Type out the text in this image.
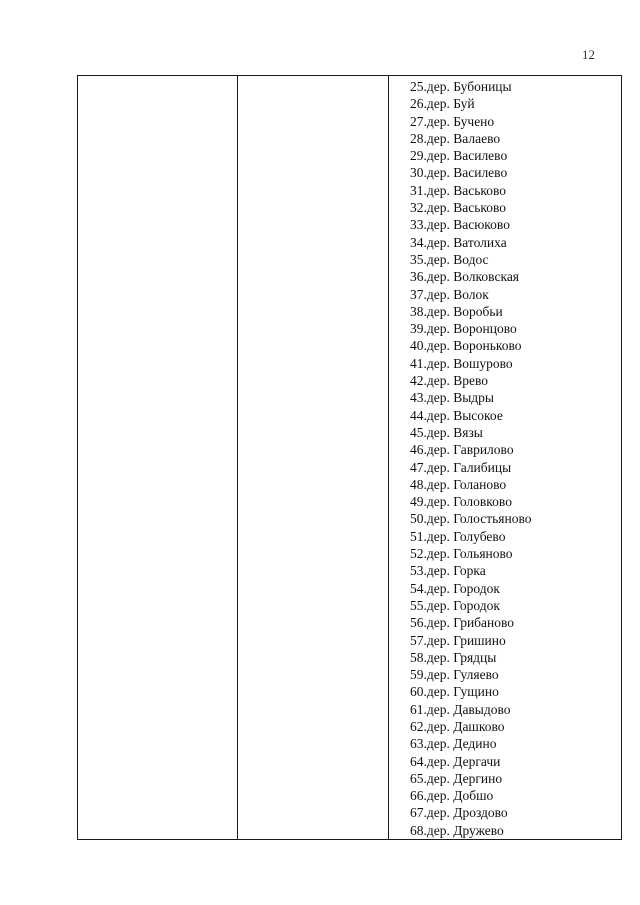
12
25.дер. Бубоницы
26.дер. Буй
27.дер. Бучено
28.дер. Валаево
29.дер. Василево
30.дер. Василево
31.дер. Васьково
32.дер. Васьково
33.дер. Васюково
34.дер. Ватолиха
35.дер. Водос
36.дер. Волковская
37.дер. Волок
38.дер. Воробьи
39.дер. Воронцово
40.дер. Вороньково
41.дер. Вошурово
42.дер. Врево
43.дер. Выдры
44.дер. Высокое
45.дер. Вязы
46.дер. Гаврилово
47.дер. Галибицы
48.дер. Голаново
49.дер. Головково
50.дер. Голостьяново
51.дер. Голубево
52.дер. Гольяново
53.дер. Горка
54.дер. Городок
55.дер. Городок
56.дер. Грибаново
57.дер. Гришино
58.дер. Грядцы
59.дер. Гуляево
60.дер. Гущино
61.дер. Давыдово
62.дер. Дашково
63.дер. Дедино
64.дер. Дергачи
65.дер. Дергино
66.дер. Добшо
67.дер. Дроздово
68.дер. Дружево
